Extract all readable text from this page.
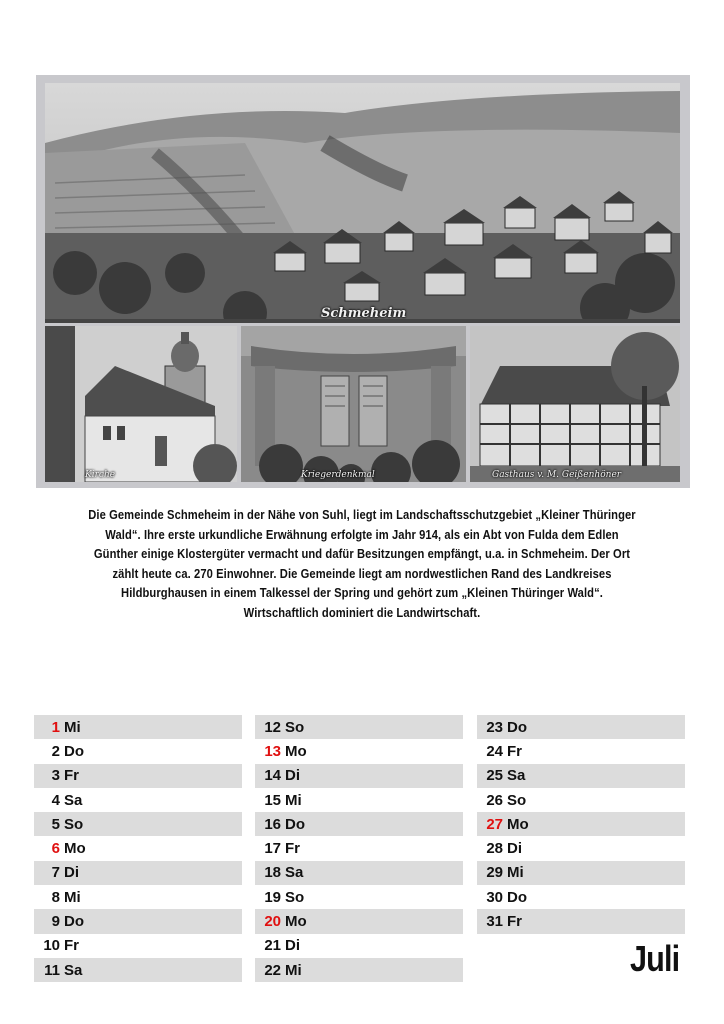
Schmeheim
Kirche	Kriegerdenkmal	Gasthaus v. M. Geißenhöner
Die Gemeinde Schmeheim in der Nähe von Suhl, liegt im Landschaftsschutzgebiet „Kleiner Thüringer Wald“. Ihre erste urkundliche Erwähnung erfolgte im Jahr 914, als ein Abt von Fulda dem Edlen Günther einige Klostergüter vermacht und dafür Besitzungen empfängt, u.a. in Schmeheim. Der Ort zählt heute ca. 270 Einwohner. Die Gemeinde liegt am nordwestlichen Rand des Landkreises Hildburghausen in einem Talkessel der Spring und gehört zum „Kleinen Thüringer Wald“. Wirtschaftlich dominiert die Landwirtschaft.
1 Mi
2 Do
3 Fr
4 Sa
5 So
6 Mo
7 Di
8 Mi
9 Do
10 Fr
11 Sa
12 So
13 Mo
14 Di
15 Mi
16 Do
17 Fr
18 Sa
19 So
20 Mo
21 Di
22 Mi
23 Do
24 Fr
25 Sa
26 So
27 Mo
28 Di
29 Mi
30 Do
31 Fr
Juli
